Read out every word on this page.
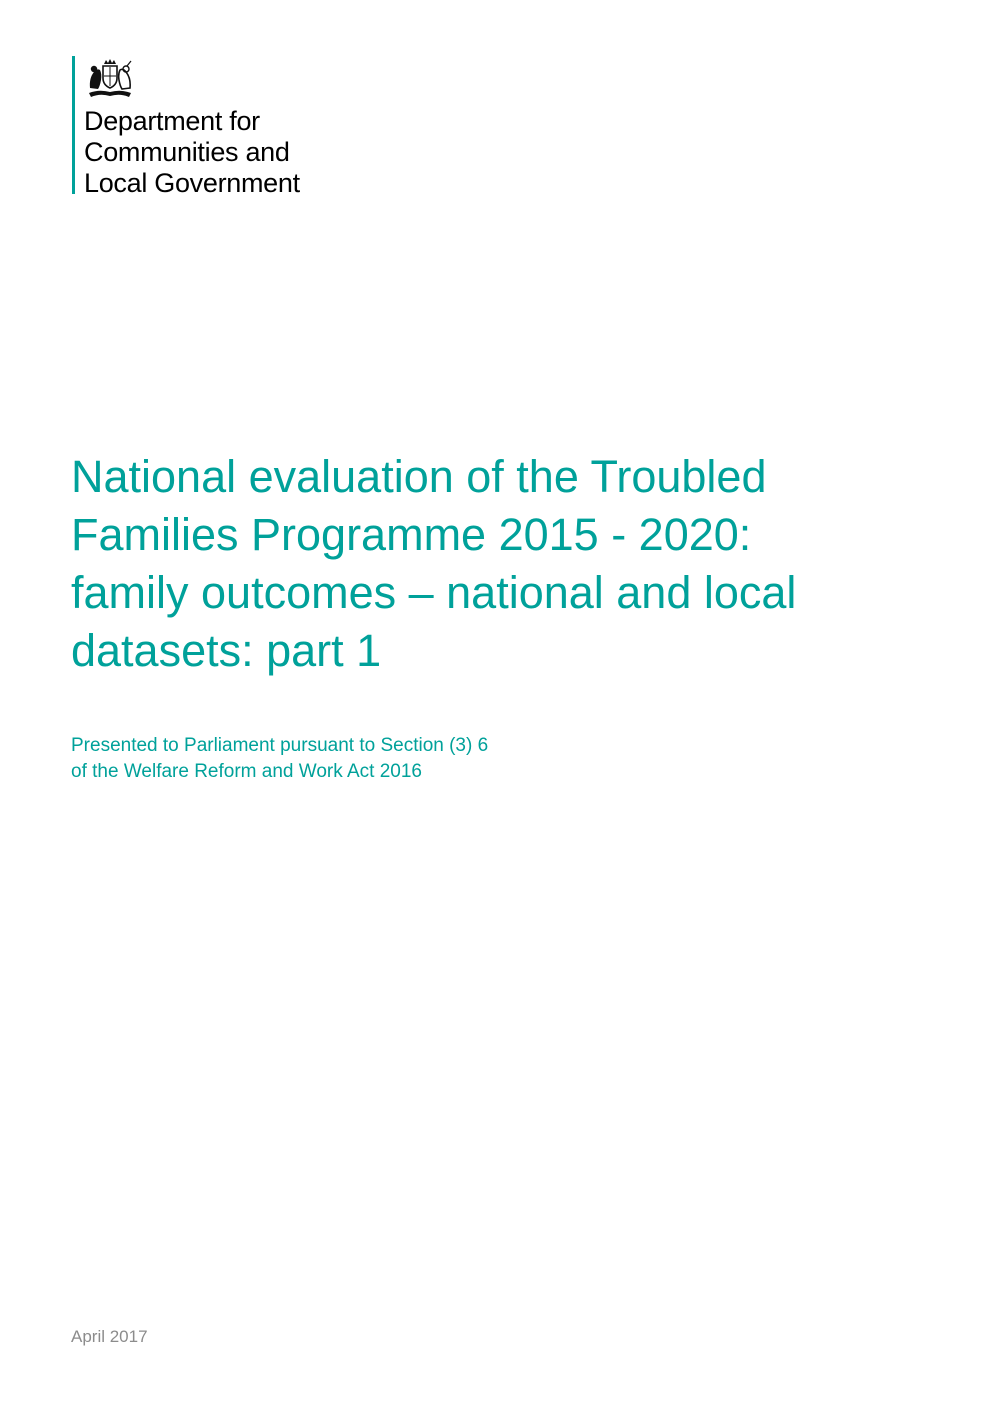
Department for
Communities and
Local Government

National evaluation of the Troubled
Families Programme 2015 - 2020:
family outcomes – national and local
datasets: part 1

Presented to Parliament pursuant to Section (3) 6
of the Welfare Reform and Work Act 2016

April 2017
